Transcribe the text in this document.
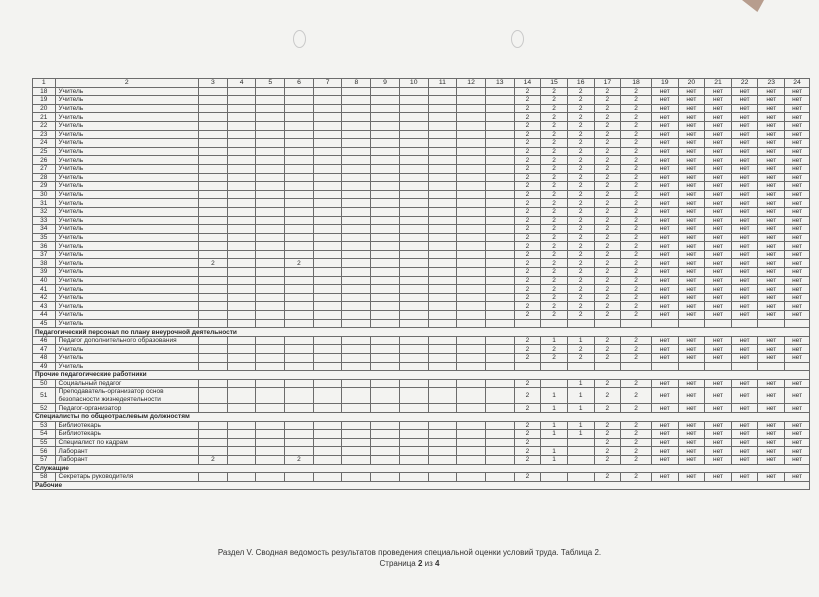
1	2	3	4	5	6	7	8	9	10	11	12	13	14	15	16	17	18	19	20	21	22	23	24
18	Учитель												2	2	2	2	2	нет	нет	нет	нет	нет	нет
19	Учитель												2	2	2	2	2	нет	нет	нет	нет	нет	нет
20	Учитель												2	2	2	2	2	нет	нет	нет	нет	нет	нет
21	Учитель												2	2	2	2	2	нет	нет	нет	нет	нет	нет
22	Учитель												2	2	2	2	2	нет	нет	нет	нет	нет	нет
23	Учитель												2	2	2	2	2	нет	нет	нет	нет	нет	нет
24	Учитель												2	2	2	2	2	нет	нет	нет	нет	нет	нет
25	Учитель												2	2	2	2	2	нет	нет	нет	нет	нет	нет
26	Учитель												2	2	2	2	2	нет	нет	нет	нет	нет	нет
27	Учитель												2	2	2	2	2	нет	нет	нет	нет	нет	нет
28	Учитель												2	2	2	2	2	нет	нет	нет	нет	нет	нет
29	Учитель												2	2	2	2	2	нет	нет	нет	нет	нет	нет
30	Учитель												2	2	2	2	2	нет	нет	нет	нет	нет	нет
31	Учитель												2	2	2	2	2	нет	нет	нет	нет	нет	нет
32	Учитель												2	2	2	2	2	нет	нет	нет	нет	нет	нет
33	Учитель												2	2	2	2	2	нет	нет	нет	нет	нет	нет
34	Учитель												2	2	2	2	2	нет	нет	нет	нет	нет	нет
35	Учитель												2	2	2	2	2	нет	нет	нет	нет	нет	нет
36	Учитель												2	2	2	2	2	нет	нет	нет	нет	нет	нет
37	Учитель												2	2	2	2	2	нет	нет	нет	нет	нет	нет
38	Учитель	2			2								2	2	2	2	2	нет	нет	нет	нет	нет	нет
39	Учитель												2	2	2	2	2	нет	нет	нет	нет	нет	нет
40	Учитель												2	2	2	2	2	нет	нет	нет	нет	нет	нет
41	Учитель												2	2	2	2	2	нет	нет	нет	нет	нет	нет
42	Учитель												2	2	2	2	2	нет	нет	нет	нет	нет	нет
43	Учитель												2	2	2	2	2	нет	нет	нет	нет	нет	нет
44	Учитель												2	2	2	2	2	нет	нет	нет	нет	нет	нет
45	Учитель																						
Педагогический персонал по плану внеурочной деятельности																							
46	Педагог дополнительного образования												2	1	1	2	2	нет	нет	нет	нет	нет	нет
47	Учитель												2	2	2	2	2	нет	нет	нет	нет	нет	нет
48	Учитель												2	2	2	2	2	нет	нет	нет	нет	нет	нет
49	Учитель																						
Прочие педагогические работники																							
50	Социальный педагог												2		1	2	2	нет	нет	нет	нет	нет	нет
51	Преподаватель-организатор основ безопасности жизнедеятельности												2	1	1	2	2	нет	нет	нет	нет	нет	нет
52	Педагог-организатор												2	1	1	2	2	нет	нет	нет	нет	нет	нет
Специалисты по общеотраслевым должностям																							
53	Библиотекарь												2	1	1	2	2	нет	нет	нет	нет	нет	нет
54	Библиотекарь												2	1	1	2	2	нет	нет	нет	нет	нет	нет
55	Специалист по кадрам												2			2	2	нет	нет	нет	нет	нет	нет
56	Лаборант												2	1		2	2	нет	нет	нет	нет	нет	нет
57	Лаборант	2			2								2	1		2	2	нет	нет	нет	нет	нет	нет
Служащие																							
58	Секретарь руководителя												2			2	2	нет	нет	нет	нет	нет	нет
Рабочие																							
Раздел V. Сводная ведомость результатов проведения специальной оценки условий труда. Таблица 2.
Страница 2 из 4
